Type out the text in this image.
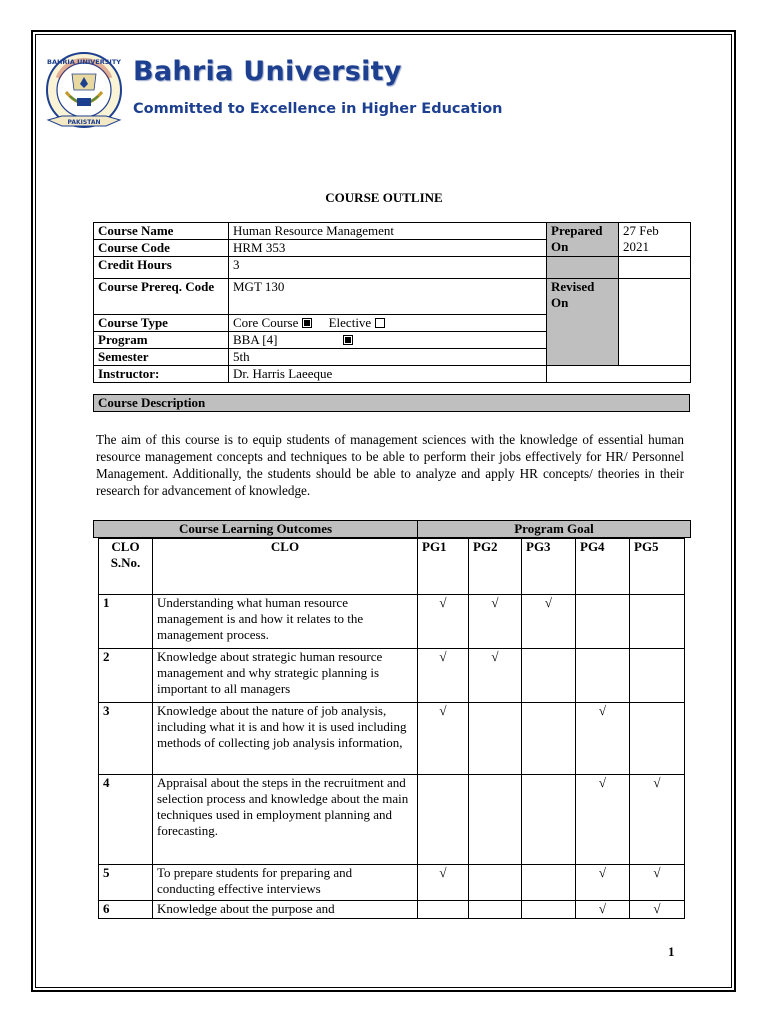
BAHRIA UNIVERSITY
PAKISTAN
Bahria University
Committed to Excellence in Higher Education
COURSE OUTLINE
Course Name	Human Resource Management	Prepared On	27 Feb 2021
Course Code	HRM 353		
Credit Hours	3		
Course Prereq. Code	MGT 130	Revised On	
Course Type	Core Course Elective		
Program	BBA [4]		
Semester	5th		
Instructor:	Dr. Harris Laeeque		
Course Description
The aim of this course is to equip students of management sciences with the knowledge of essential human resource management concepts and techniques to be able to perform their jobs effectively for HR/ Personnel Management. Additionally, the students should be able to analyze and apply HR concepts/ theories in their research for advancement of knowledge.
Course Learning Outcomes	Program Goal
CLO S.No.	CLO	PG1	PG2	PG3	PG4	PG5
1	Understanding what human resource management is and how it relates to the management process.	√	√	√		
2	Knowledge about strategic human resource management and why strategic planning is important to all managers	√	√			
3	Knowledge about the nature of job analysis, including what it is and how it is used including methods of collecting job analysis information,	√			√	
4	Appraisal about the steps in the recruitment and selection process and knowledge about the main techniques used in employment planning and forecasting.				√	√
5	To prepare students for preparing and conducting effective interviews	√			√	√
6	Knowledge about the purpose and				√	√
1
